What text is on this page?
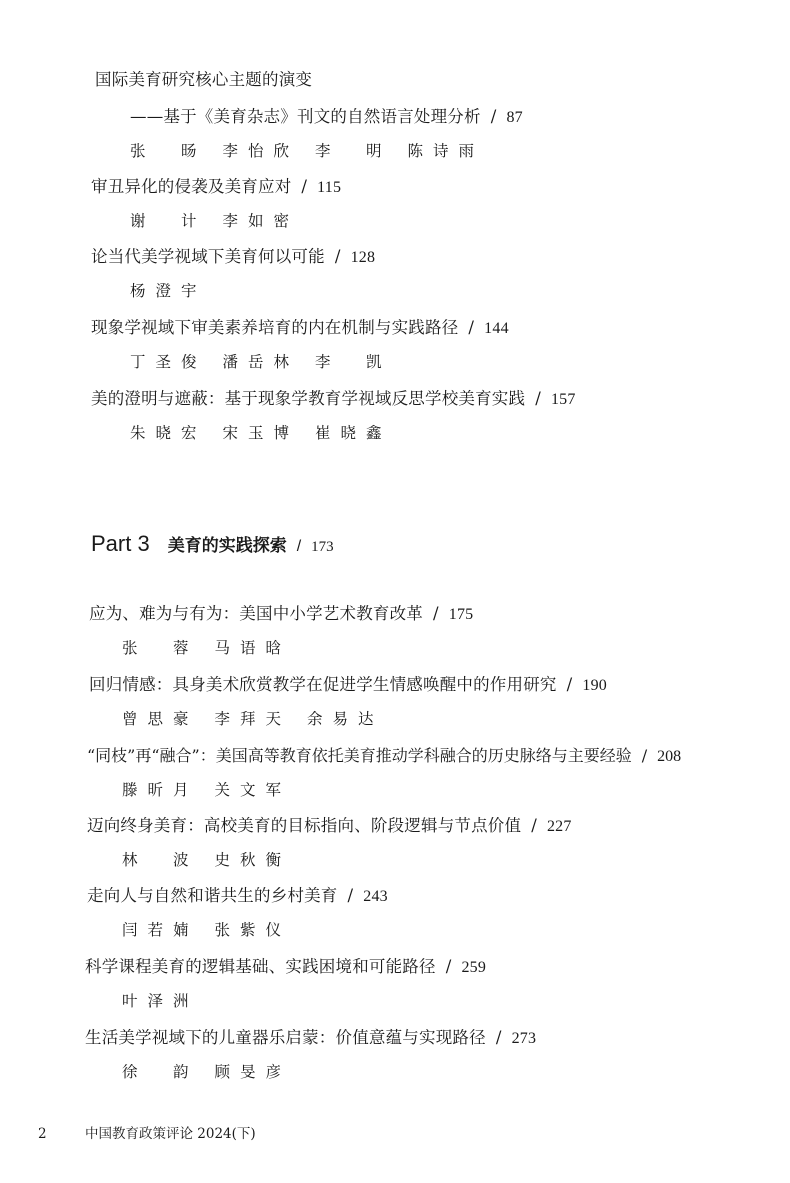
国际美育研究核心主题的演变
——基于《美育杂志》刊文的自然语言处理分析 / 87
张　旸 李怡欣 李　明 陈诗雨
审丑异化的侵袭及美育应对 / 115
谢　计 李如密
论当代美学视域下美育何以可能 / 128
杨澄宇
现象学视域下审美素养培育的内在机制与实践路径 / 144
丁圣俊 潘岳林 李　凯
美的澄明与遮蔽：基于现象学教育学视域反思学校美育实践 / 157
朱晓宏 宋玉博 崔晓鑫
Part 3 美育的实践探索 / 173
应为、难为与有为：美国中小学艺术教育改革 / 175
张　蓉 马语晗
回归情感：具身美术欣赏教学在促进学生情感唤醒中的作用研究 / 190
曾思豪 李拜天 余易达
“同枝”再“融合”：美国高等教育依托美育推动学科融合的历史脉络与主要经验 / 208
滕昕月 关文军
迈向终身美育：高校美育的目标指向、阶段逻辑与节点价值 / 227
林　波 史秋衡
走向人与自然和谐共生的乡村美育 / 243
闫若婻 张紫仪
科学课程美育的逻辑基础、实践困境和可能路径 / 259
叶泽洲
生活美学视域下的儿童器乐启蒙：价值意蕴与实现路径 / 273
徐　韵 顾旻彦
2	中国教育政策评论 2024(下)
